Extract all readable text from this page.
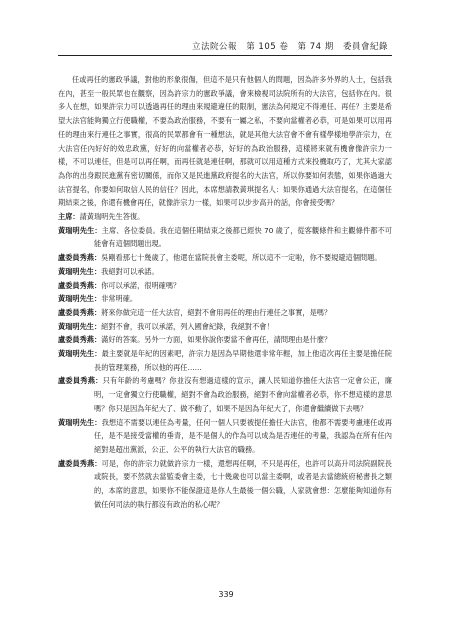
立法院公報 第 105 卷 第 74 期 委員會紀錄

任或再任的憲政爭議，對他的形象很傷，但這不是只有他個人的問題，因為許多外界的人士，包括我在內，甚至一般民眾也在觀察，因為許宗力的憲政爭議，會來檢視司法院所有的大法官，包括你在內。很多人在想，如果許宗力可以透過再任的理由來規避違任的限制，憲法為何規定不得連任、再任？主要是希望大法官能夠獨立行使職權，不要為政治服務，不要有一屬之私，不要向當權者必恭，可是如果可以用再任的理由來行連任之事實，很高的民眾都會有一種想法，就是其他大法官會不會有樣學樣地學許宗力，在大法官任內好好的效忠政黨，好好的向當權者必恭，好好的為政治服務，這樣將來就有機會像許宗力一樣，不可以連任，但是可以再任啊，而再任就是連任啊，那就可以用這種方式來投機取巧了，尤其大家認為你的出身跟民進黨有密切關係，而你又是民進黨政府提名的大法官，所以你要如何表態，如果你過過大法官提名，你要如何取信人民的信任？因此，本席想請教黃琪提名人：如果你通過大法官提名，在這個任期結束之後，你還有機會再任，就像許宗力一樣，如果可以步步高升的話，你會接受嗎？

主席：請黃瑞明先生答復。

黃瑞明先生：主席、各位委員。我在這個任期結束之後都已經快 70 歲了，從客觀條件和主觀條件都不可能會有這個問題出現。

盧委員秀燕：吳剛看那七十幾歲了，他還在當院長會主委呢，所以這不一定啦，你不要規避這個問題。

黃瑞明先生：我絕對可以承諾。

盧委員秀燕：你可以承諾，很明確嗎？

黃瑞明先生：非常明確。

盧委員秀燕：將來你做完這一任大法官，絕對不會用再任的理由行連任之事實，是嗎？

黃瑞明先生：絕對不會，我可以承諾，列入國會紀錄，我絕對不會！

盧委員秀燕：滿好的答案。另外一方面，如果你說你要當不會再任，請問理由是什麼？

黃瑞明先生：最主要就是年紀的因素吧，許宗力是因為早期他還非常年輕，加上他這次再任主要是擔任院長的管理業務，所以他的再任……

盧委員秀燕：只有年齡的考慮嗎？你並沒有想過這樣的宣示，讓人民知道你擔任大法官一定會公正，廉明，一定會獨立行使職權，絕對不會為政治服務，絕對不會向當權者必恭，你不想這樣的意思嗎？你只是因為年紀大了、做不動了，如果不是因為年紀大了，你還會繼續做下去嗎？

黃瑞明先生：我想這不需要以連任為考量，任何一個人只要被提任擔任大法官，他都不需要考慮連任或再任，是不是接受當權的垂青，是不是個人的作為可以成為是否連任的考量，我認為在所有任內絕對是超出黨派，公正、公平的執行大法官的職務。

盧委員秀燕：可是，你的許宗力就做許宗力一樣，還想再任啊，不只是再任，也許可以高升司法院副院長或院長，要不然就去當監委會主委，七十幾歲也可以當主委啊，或者是去當總統府秘書長之類的，本席的意思，如果你不能保證這是你人生最後一個公職，人家就會想：怎麼能夠知道你有做任何司法的執行都沒有政治的私心呢？

339
